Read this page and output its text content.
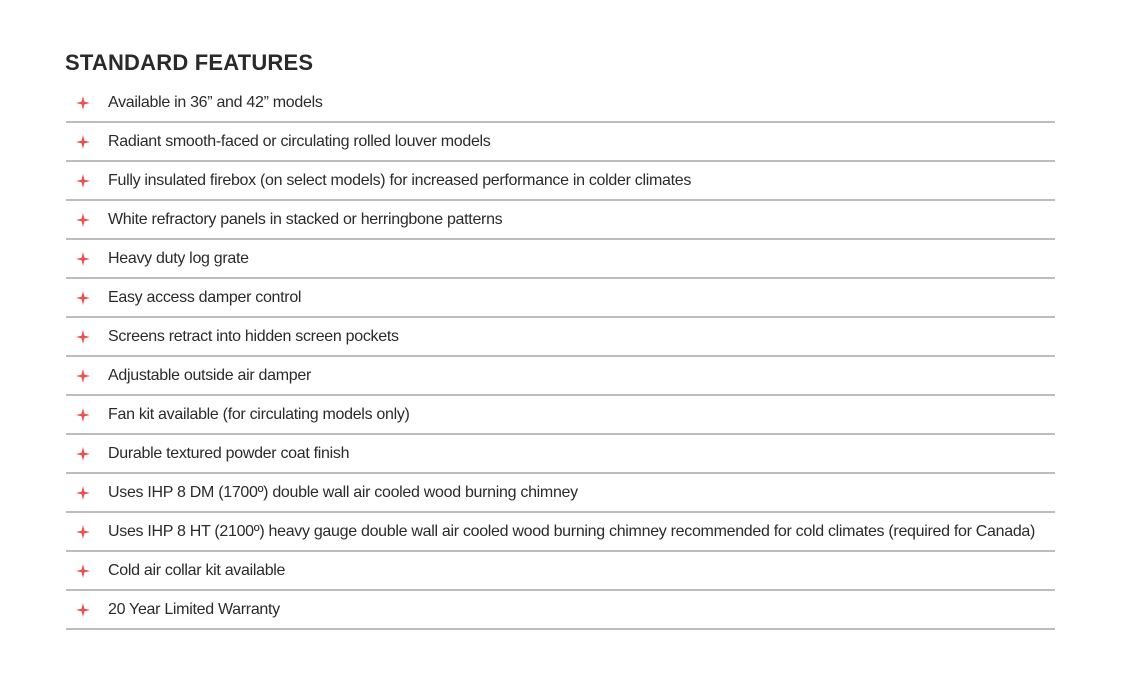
STANDARD FEATURES
Available in 36” and 42” models
Radiant smooth-faced or circulating rolled louver models
Fully insulated firebox (on select models) for increased performance in colder climates
White refractory panels in stacked or herringbone patterns
Heavy duty log grate
Easy access damper control
Screens retract into hidden screen pockets
Adjustable outside air damper
Fan kit available (for circulating models only)
Durable textured powder coat finish
Uses IHP 8 DM (1700º) double wall air cooled wood burning chimney
Uses IHP 8 HT (2100º) heavy gauge double wall air cooled wood burning chimney recommended for cold climates (required for Canada)
Cold air collar kit available
20 Year Limited Warranty
